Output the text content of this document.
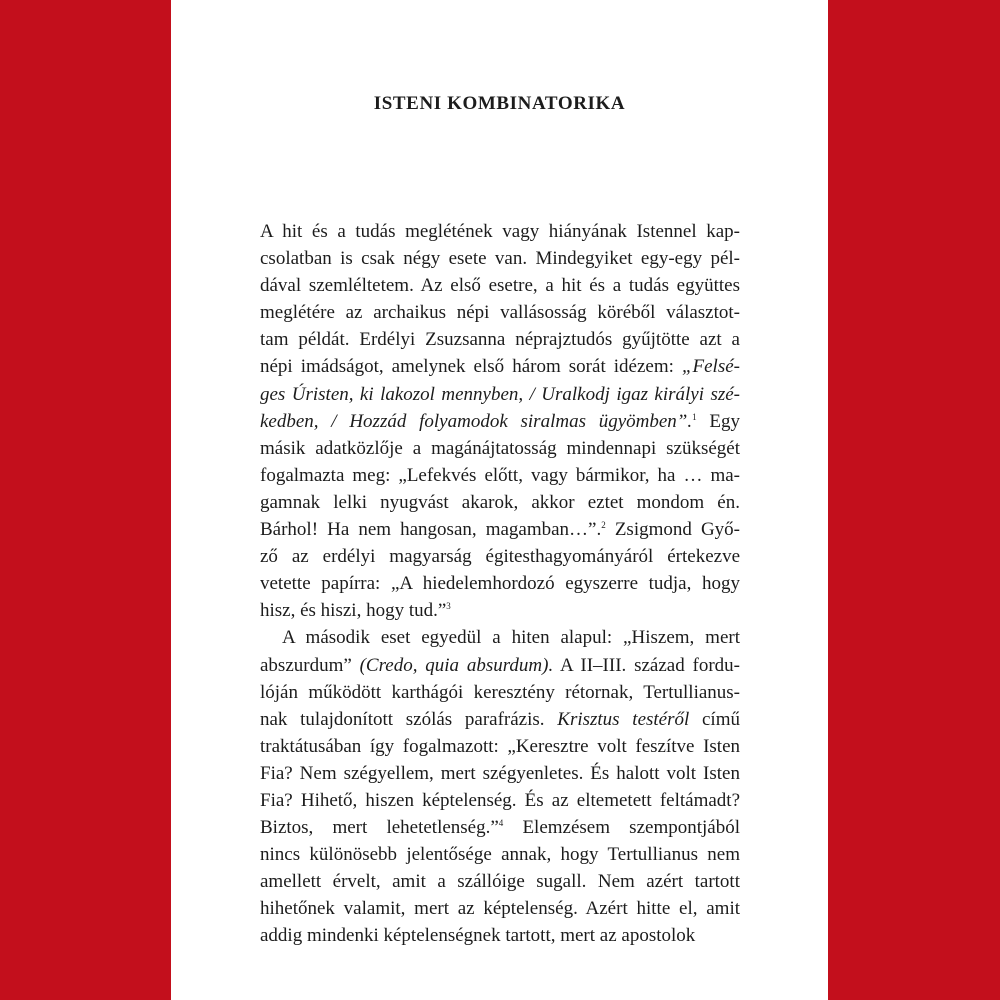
ISTENI KOMBINATORIKA
A hit és a tudás meglétének vagy hiányának Istennel kap-
csolatban is csak négy esete van. Mindegyiket egy-egy pél-
dával szemléltetem. Az első esetre, a hit és a tudás együttes
meglétére az archaikus népi vallásosság köréből választot-
tam példát. Erdélyi Zsuzsanna néprajztudós gyűjtötte azt a
népi imádságot, amelynek első három sorát idézem: „Felsé-
ges Úristen, ki lakozol mennyben, / Uralkodj igaz királyi szé-
kedben, / Hozzád folyamodok siralmas ügyömben”.$^1$ Egy
másik adatközlője a magánájtatosság mindennapi szükségét
fogalmazta meg: „Lefekvés előtt, vagy bármikor, ha … ma-
gamnak lelki nyugvást akarok, akkor eztet mondom én.
Bárhol! Ha nem hangosan, magamban…”.$^2$ Zsigmond Győ-
ző az erdélyi magyarság égitesthagyományáról értekezve
vetette papírra: „A hiedelemhordozó egyszerre tudja, hogy
hisz, és hiszi, hogy tud.”$^3$
A második eset egyedül a hiten alapul: „Hiszem, mert
abszurdum” (Credo, quia absurdum). A II–III. század fordu-
lóján működött karthágói keresztény rétornak, Tertullianus-
nak tulajdonított szólás parafrázis. Krisztus testéről című
traktátusában így fogalmazott: „Keresztre volt feszítve Isten
Fia? Nem szégyellem, mert szégyenletes. És halott volt Isten
Fia? Hihető, hiszen képtelenség. És az eltemetett feltámadt?
Biztos, mert lehetetlenség.”$^4$ Elemzésem szempontjából
nincs különösebb jelentősége annak, hogy Tertullianus nem
amellett érvelt, amit a szállóige sugall. Nem azért tartott
hihetőnek valamit, mert az képtelenség. Azért hitte el, amit
addig mindenki képtelenségnek tartott, mert az apostolok
